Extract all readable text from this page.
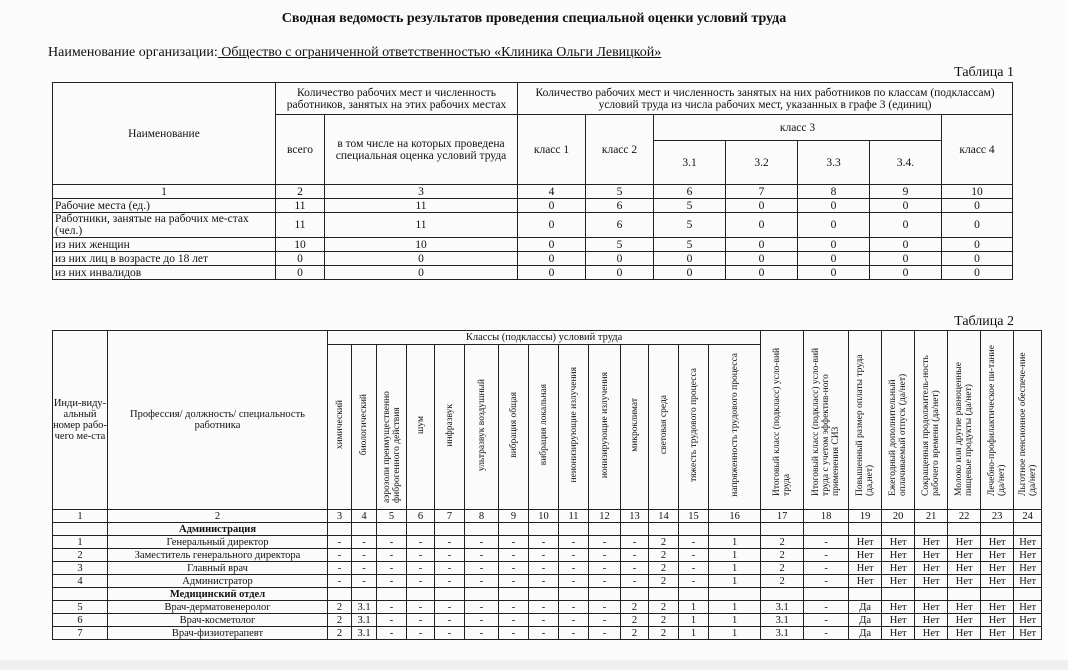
Сводная ведомость результатов проведения специальной оценки условий труда
Наименование организации: Общество с ограниченной ответственностью «Клиника Ольги Левицкой»
Таблица 1
Наименование	Количество рабочих мест и численность работников, занятых на этих рабочих местах		Количество рабочих мест и численность занятых на них работников по классам (подклассам) условий труда из числа рабочих мест, указанных в графе 3 (единиц)						
	всего	в том числе на которых проведена специальная оценка условий труда	класс 1	класс 2	класс 3				класс 4
					3.1	3.2	3.3	3.4.	
1	2	3	4	5	6	7	8	9	10
Рабочие места (ед.)	11	11	0	6	5	0	0	0	0
Работники, занятые на рабочих ме-стах (чел.)	11	11	0	6	5	0	0	0	0
из них женщин	10	10	0	5	5	0	0	0	0
из них лиц в возрасте до 18 лет	0	0	0	0	0	0	0	0	0
из них инвалидов	0	0	0	0	0	0	0	0	0
Таблица 2
Инди-виду-альный номер рабо-чего ме-ста	Профессия/ должность/ специальность работника	Классы (подклассы) условий труда														Итоговый класс (подкласс) усло-вий труда	Итоговый класс (подкласс) усло-вий труда с учетом эффектив-ного применения СИЗ	Повышенный размер оплаты труда (да,нет)	Ежегодный дополнительный оплачиваемый отпуск (да/нет)	Сокращенная продолжитель-ность рабочего времени (да/нет)	Молоко или другие равноценные пищевые продукты (да/нет)	Лечебно-профилактическое пи-тание (да/нет)	Льготное пенсионное обеспече-ние (да/нет)
		химический	биологический	аэрозоли преимущественно фиброгенного действия	шум	инфразвук	ультразвук воздушный	вибрация общая	вибрация локальная	неионизирующие излучения	ионизирующие излучения	микроклимат	световая среда	тяжесть трудового процесса	напряженность трудового процесса								
1	2	3	4	5	6	7	8	9	10	11	12	13	14	15	16	17	18	19	20	21	22	23	24
	Администрация																						
1	Генеральный директор	-	-	-	-	-	-	-	-	-	-	-	2	-	1	2	-	Нет	Нет	Нет	Нет	Нет	Нет
2	Заместитель генерального директора	-	-	-	-	-	-	-	-	-	-	-	2	-	1	2	-	Нет	Нет	Нет	Нет	Нет	Нет
3	Главный врач	-	-	-	-	-	-	-	-	-	-	-	2	-	1	2	-	Нет	Нет	Нет	Нет	Нет	Нет
4	Администратор	-	-	-	-	-	-	-	-	-	-	-	2	-	1	2	-	Нет	Нет	Нет	Нет	Нет	Нет
	Медицинский отдел																						
5	Врач-дерматовенеролог	2	3.1	-	-	-	-	-	-	-	-	2	2	1	1	3.1	-	Да	Нет	Нет	Нет	Нет	Нет
6	Врач-косметолог	2	3.1	-	-	-	-	-	-	-	-	2	2	1	1	3.1	-	Да	Нет	Нет	Нет	Нет	Нет
7	Врач-физиотерапевт	2	3.1	-	-	-	-	-	-	-	-	2	2	1	1	3.1	-	Да	Нет	Нет	Нет	Нет	Нет
